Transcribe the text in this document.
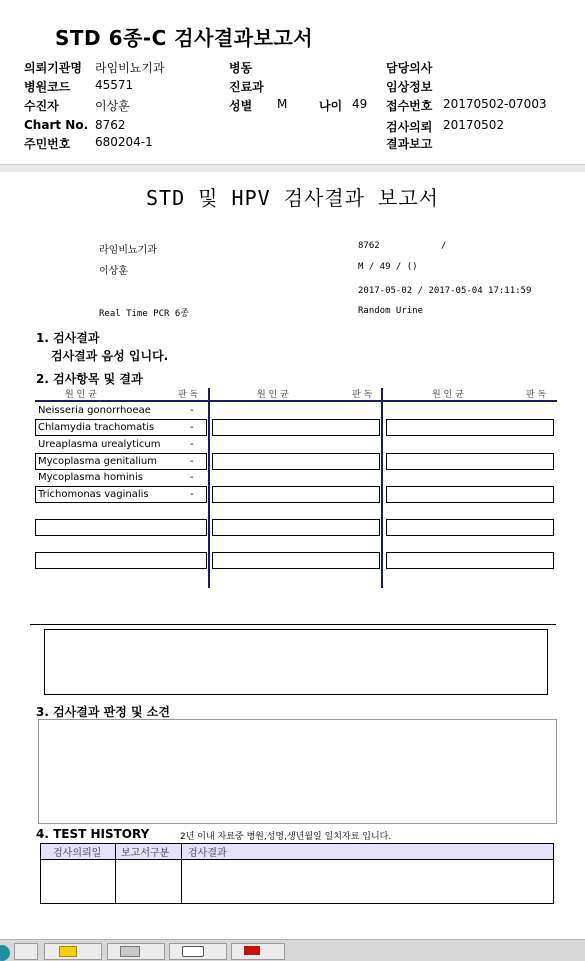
STD 6종-C 검사결과보고서
의뢰기관명 라임비뇨기과
병원코드 45571
수진자	이상훈
Chart No. 8762
주민번호 680204-1
병동
진료과
성별 M	나이 49
담당의사
임상정보
접수번호 20170502-07003
검사의뢰 20170502
결과보고
STD 및 HPV 검사결과 보고서
라임비뇨기과	8762	/
이상훈	M / 49 / ()
2017-05-02 / 2017-05-04 17:11:59
Real Time PCR 6종	Random Urine
1. 검사결과
검사결과 음성 입니다.
2. 검사항목 및 결과
원 인 균	판 독	원 인 균	판 독	원 인 균	판 독
Neisseria gonorrhoeae	-
Chlamydia trachomatis	-
Ureaplasma urealyticum	-
Mycoplasma genitalium	-
Mycoplasma hominis	-
Trichomonas vaginalis	-
3. 검사결과 판정 및 소견
4. TEST HISTORY	2년 이내 자료중 병원,성명,생년월일 일치자료 입니다.
검사의뢰일	보고서구분	검사결과
